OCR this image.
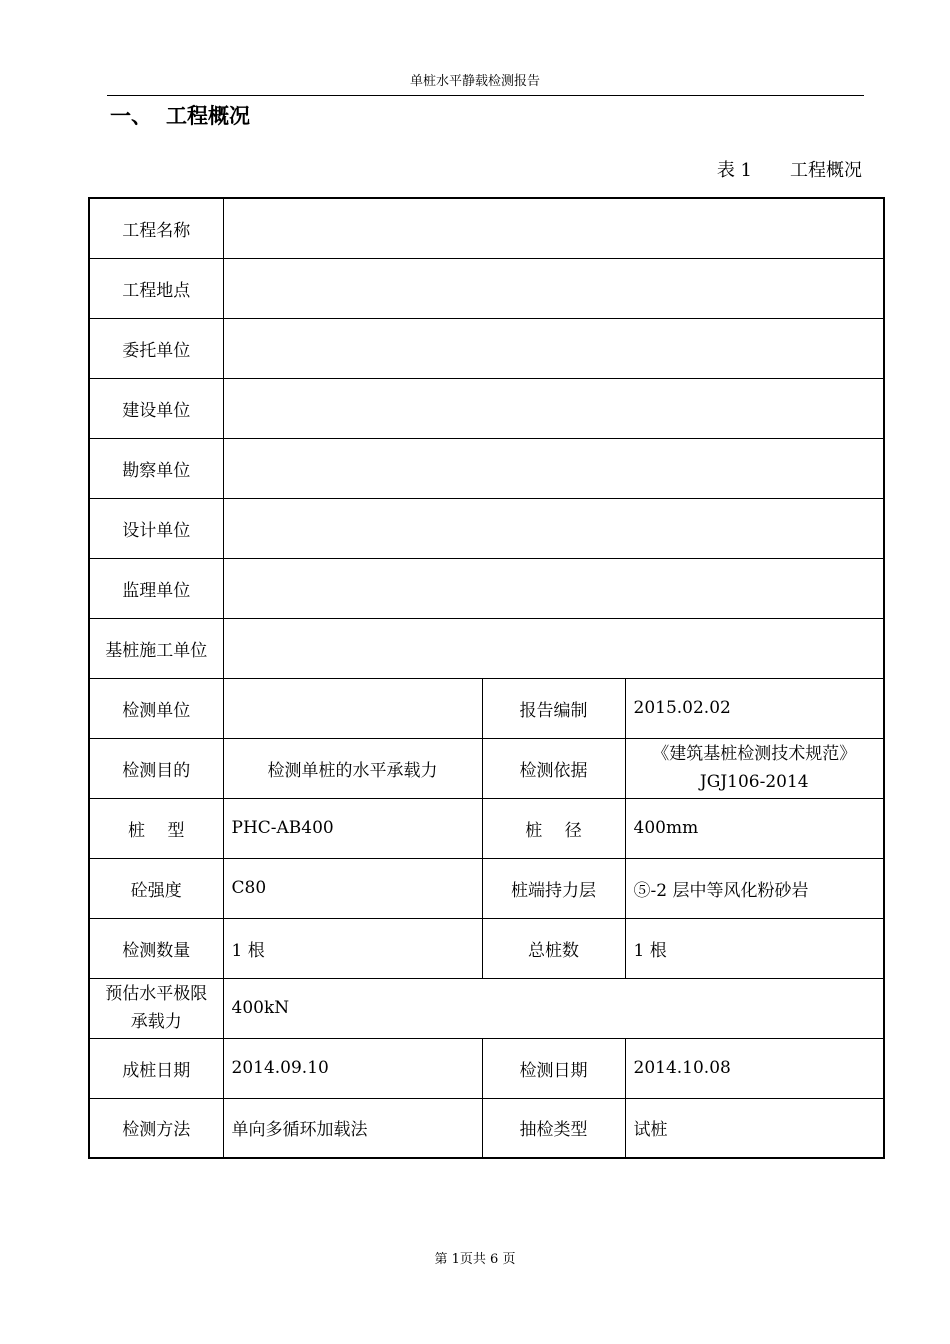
单桩水平静载检测报告
一、 工程概况
表 1 工程概况
工程名称			
工程地点			
委托单位			
建设单位			
勘察单位			
设计单位			
监理单位			
基桩施工单位			
检测单位		报告编制	2015.02.02
检测目的	检测单桩的水平承载力	检测依据	《建筑基桩检测技术规范》
JGJ106-2014

桩　 型	PHC-AB400	桩　 径	400mm
砼强度	C80	桩端持力层	⑤-2 层中等风化粉砂岩
检测数量	1 根	总桩数	1 根

预估水平极限
承载力	400kN		
成桩日期	2014.09.10	检测日期	2014.10.08
检测方法	单向多循环加载法	抽检类型	试桩
第 1页共 6 页
